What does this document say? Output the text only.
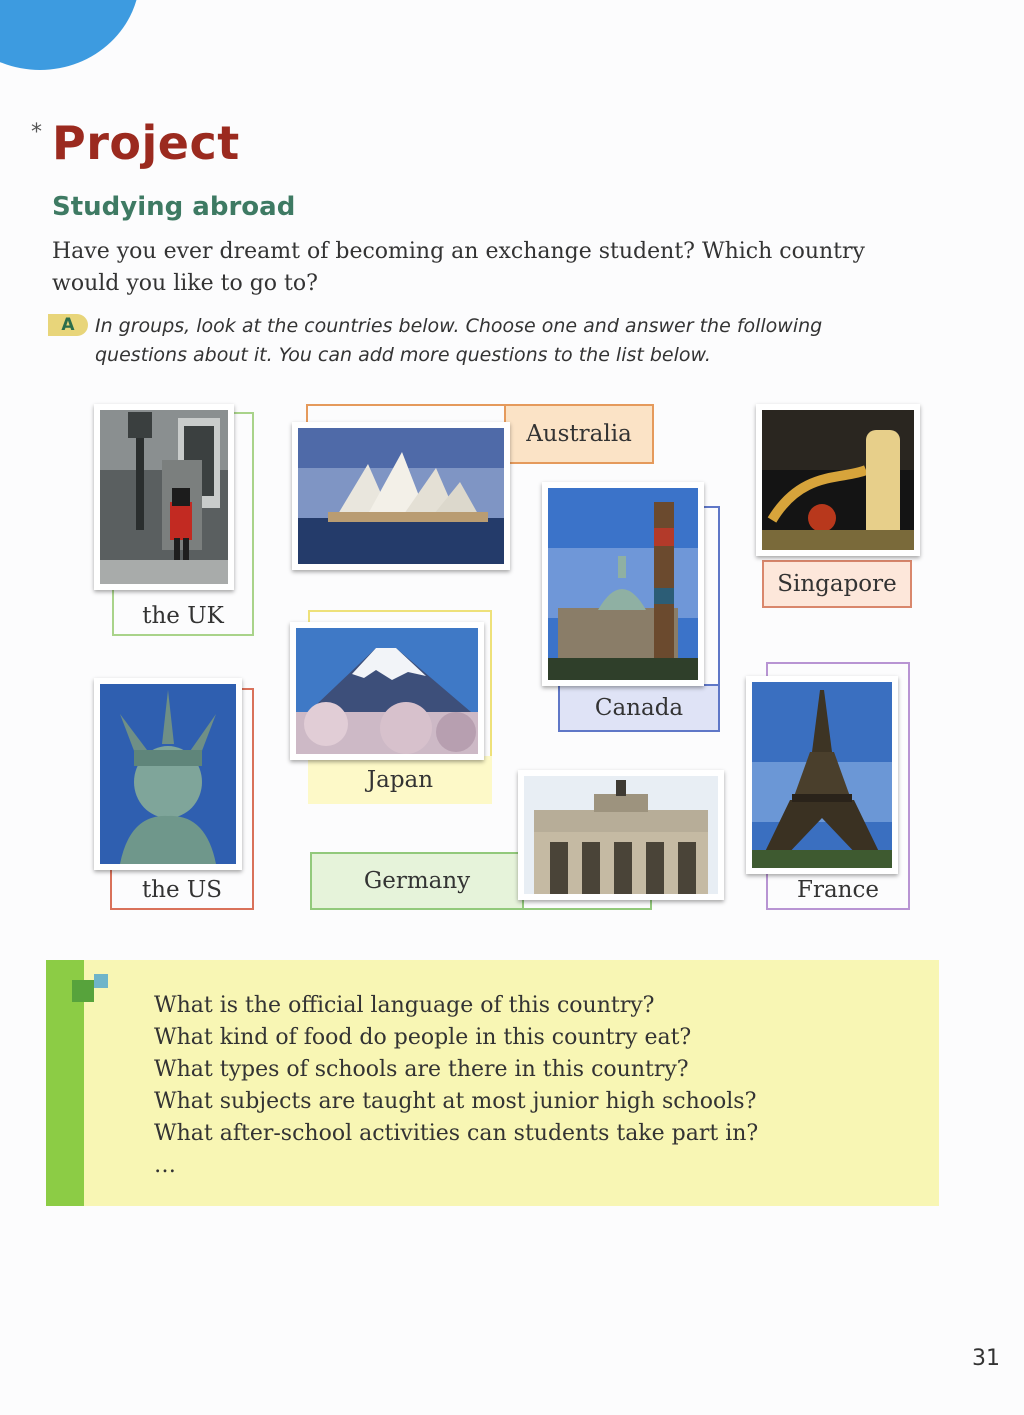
* Project
Studying abroad

Have you ever dreamt of becoming an exchange student? Which country would you like to go to?

A	In groups, look at the countries below. Choose one and answer the following questions about it. You can add more questions to the list below.

the UK
Australia
Singapore
Canada
Japan
the US	Germany	France
What is the official language of this country?
What kind of food do people in this country eat?
What types of schools are there in this country?
What subjects are taught at most junior high schools?
What after-school activities can students take part in?
…
31
